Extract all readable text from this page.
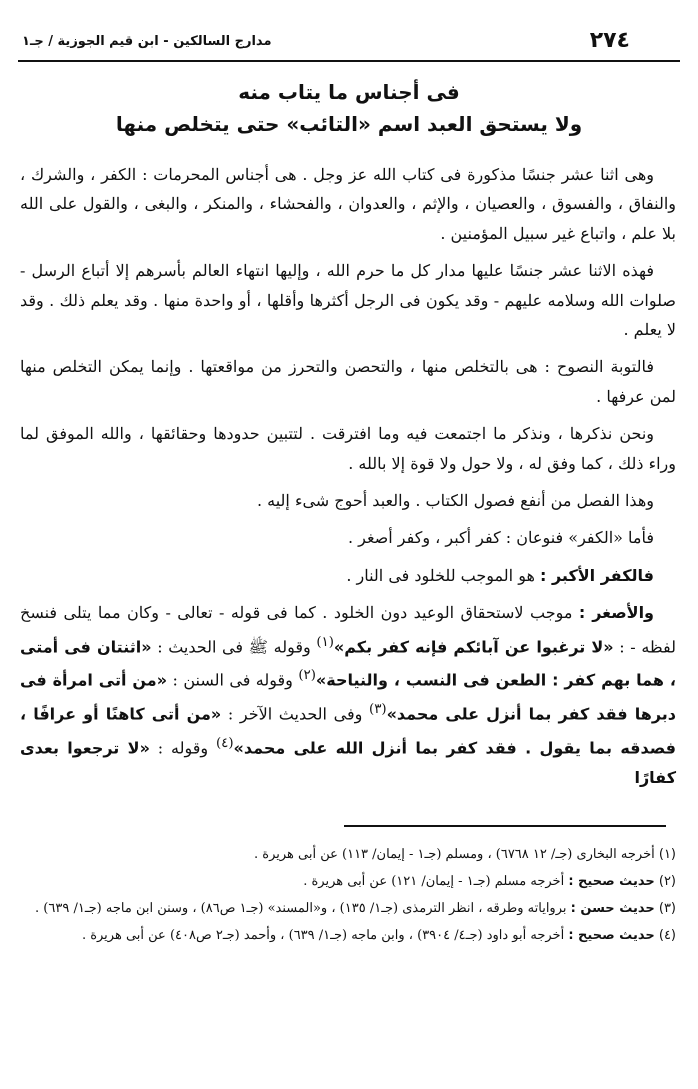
٢٧٤
مدارج السالكين - ابن قيم الجوزية / جـ١
فى أجناس ما يتاب منه
ولا يستحق العبد اسم «التائب» حتى يتخلص منها

وهى اثنا عشر جنسًا مذكورة فى كتاب الله عز وجل . هى أجناس المحرمات : الكفر ، والشرك ، والنفاق ، والفسوق ، والعصيان ، والإثم ، والعدوان ، والفحشاء ، والمنكر ، والبغى ، والقول على الله بلا علم ، واتباع غير سبيل المؤمنين .

فهذه الاثنا عشر جنسًا عليها مدار كل ما حرم الله ، وإليها انتهاء العالم بأسرهم إلا أتباع الرسل - صلوات الله وسلامه عليهم - وقد يكون فى الرجل أكثرها وأقلها ، أو واحدة منها . وقد يعلم ذلك . وقد لا يعلم .

فالتوبة النصوح : هى بالتخلص منها ، والتحصن والتحرز من مواقعتها . وإنما يمكن التخلص منها لمن عرفها .

ونحن نذكرها ، ونذكر ما اجتمعت فيه وما افترقت . لتتبين حدودها وحقائقها ، والله الموفق لما وراء ذلك ، كما وفق له ، ولا حول ولا قوة إلا بالله .

وهذا الفصل من أنفع فصول الكتاب . والعبد أحوج شىء إليه .

فأما «الكفر» فنوعان : كفر أكبر ، وكفر أصغر .

فالكفر الأكبر : هو الموجب للخلود فى النار .

والأصغر : موجب لاستحقاق الوعيد دون الخلود . كما فى قوله - تعالى - وكان مما يتلى فنسخ لفظه - : «لا ترغبوا عن آبائكم فإنه كفر بكم»$^{(١)}$ وقوله ﷺ فى الحديث : «اثنتان فى أمتى ، هما بهم كفر : الطعن فى النسب ، والنياحة»$^{(٢)}$ وقوله فى السنن : «من أتى امرأة فى دبرها فقد كفر بما أنزل على محمد»$^{(٣)}$ وفى الحديث الآخر : «من أتى كاهنًا أو عرافًا ، فصدقه بما يقول . فقد كفر بما أنزل الله على محمد»$^{(٤)}$ وقوله : «لا ترجعوا بعدى كفارًا

(١) أخرجه البخارى (جـ/ ١٢ ٦٧٦٨) ، ومسلم (جـ١ - إيمان/ ١١٣) عن أبى هريرة .

(٢) حديث صحيح : أخرجه مسلم (جـ١ - إيمان/ ١٢١) عن أبى هريرة .

(٣) حديث حسن : برواياته وطرقه ، انظر الترمذى (جـ١/ ١٣٥) ، و«المسند» (جـ١ ص٨٦) ، وسنن ابن ماجه (جـ١/ ٦٣٩) .

(٤) حديث صحيح : أخرجه أبو داود (جـ٤/ ٣٩٠٤) ، وابن ماجه (جـ١/ ٦٣٩) ، وأحمد (جـ٢ ص٤٠٨) عن أبى هريرة .
